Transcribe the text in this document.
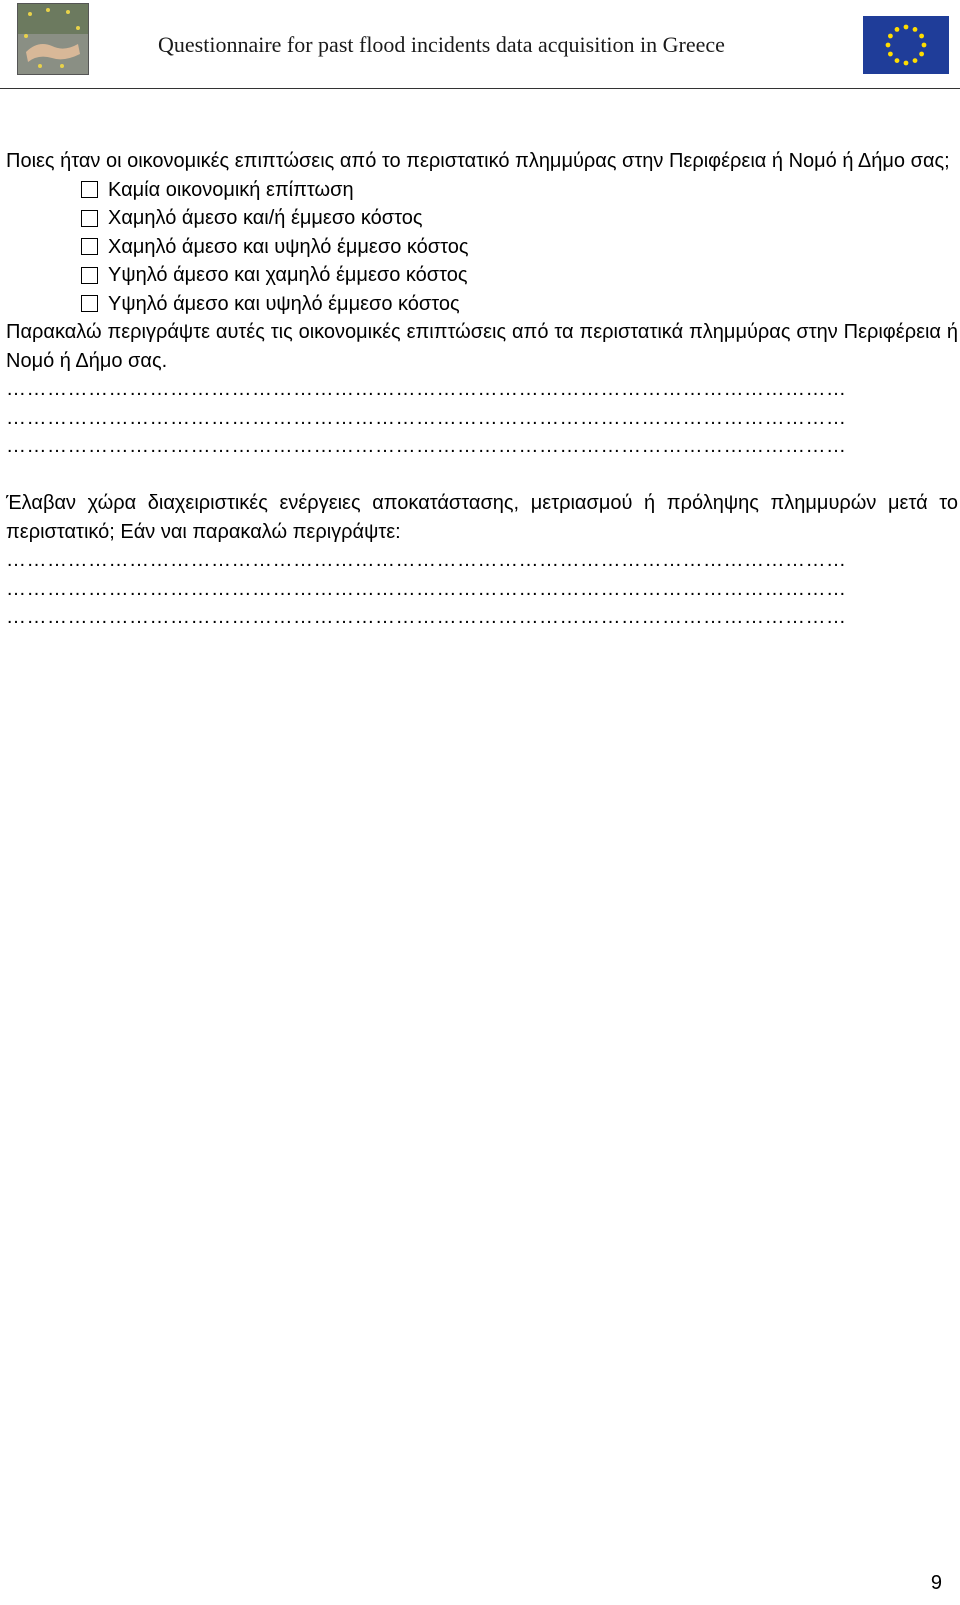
Questionnaire for past flood incidents data acquisition in Greece

Ποιες ήταν οι οικονομικές επιπτώσεις από το περιστατικό πλημμύρας στην Περιφέρεια ή Νομό ή Δήμο σας;

Καμία οικονομική επίπτωση
Χαμηλό άμεσο και/ή έμμεσο κόστος
Χαμηλό άμεσο και υψηλό έμμεσο κόστος
Υψηλό άμεσο και χαμηλό έμμεσο κόστος
Υψηλό άμεσο και υψηλό έμμεσο κόστος

Παρακαλώ περιγράψτε αυτές τις οικονομικές επιπτώσεις από τα περιστατικά πλημμύρας στην Περιφέρεια ή Νομό ή Δήμο σας.

……………………………………………………………………………………………………………

……………………………………………………………………………………………………………

……………………………………………………………………………………………………………

Έλαβαν χώρα διαχειριστικές ενέργειες αποκατάστασης, μετριασμού ή πρόληψης πλημμυρών μετά το περιστατικό; Εάν ναι παρακαλώ περιγράψτε:

……………………………………………………………………………………………………………

……………………………………………………………………………………………………………

……………………………………………………………………………………………………………

9
